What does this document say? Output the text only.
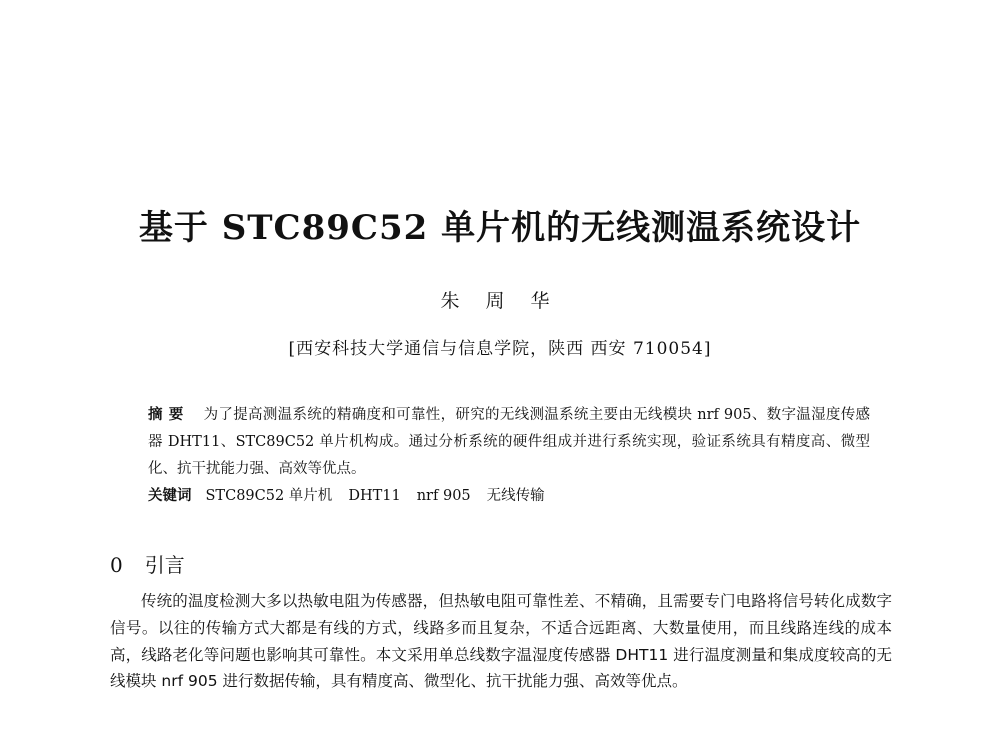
基于 STC89C52 单片机的无线测温系统设计
朱 周 华
[西安科技大学通信与信息学院，陕西 西安 710054]
摘要 为了提高测温系统的精确度和可靠性，研究的无线测温系统主要由无线模块 nrf 905、数字温湿度传感器 DHT11、STC89C52 单片机构成。通过分析系统的硬件组成并进行系统实现，验证系统具有精度高、微型化、抗干扰能力强、高效等优点。
关键词 STC89C52 单片机 DHT11 nrf 905 无线传输
0 引言
传统的温度检测大多以热敏电阻为传感器，但热敏电阻可靠性差、不精确，且需要专门电路将信号转化成数字信号。以往的传输方式大都是有线的方式，线路多而且复杂，不适合远距离、大数量使用，而且线路连线的成本高，线路老化等问题也影响其可靠性。本文采用单总线数字温湿度传感器 DHT11 进行温度测量和集成度较高的无线模块 nrf 905 进行数据传输，具有精度高、微型化、抗干扰能力强、高效等优点。
